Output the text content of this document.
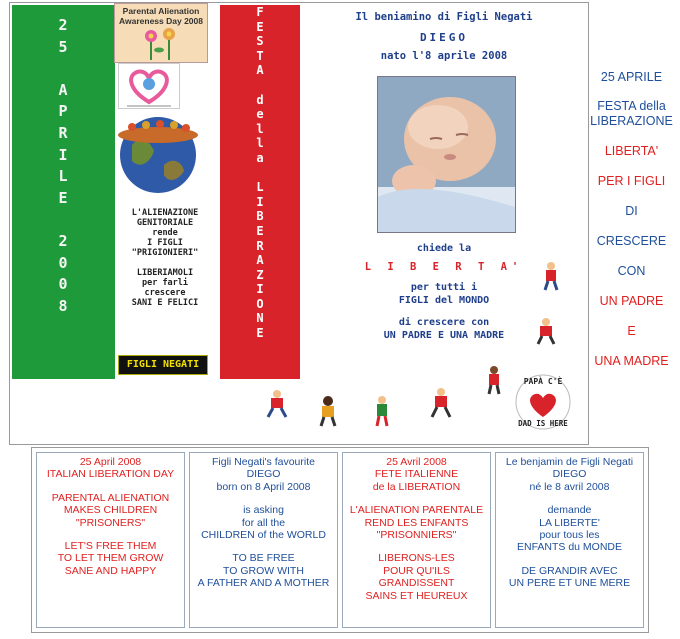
2
5

A
P
R
I
L
E

2
0
0
8
F
E
S
T
A

d
e
l
l
a

L
I
B
E
R
A
Z
I
O
N
E
Parental Alienation
Awareness Day 2008
L'ALIENAZIONE
GENITORIALE
rende
I FIGLI
"PRIGIONIERI"

LIBERIAMOLI
per farli
crescere
SANI E FELICI
FIGLI NEGATI
Il beniamino di Figli Negati
DIEGO
nato l'8 aprile 2008
chiede la
L I B E R T A'
per tutti i
FIGLI del MONDO
di crescere con
UN PADRE E UNA MADRE
PAPÀ C'È
DAD IS HERE
25 APRILE
FESTA della
LIBERAZIONE
LIBERTA'
PER I FIGLI
DI
CRESCERE
CON
UN PADRE
E
UNA MADRE

25 April 2008
ITALIAN LIBERATION DAY

PARENTAL ALIENATION
MAKES CHILDREN
"PRISONERS"

LET'S FREE THEM
TO LET THEM GROW
SANE AND HAPPY

Figli Negati's favourite
DIEGO
born on 8 April 2008

is asking
for all the
CHILDREN of the WORLD

TO BE FREE
TO GROW WITH
A FATHER AND A MOTHER

25 Avril 2008
FETE ITALIENNE
de la LIBERATION

L'ALIENATION PARENTALE
REND LES ENFANTS
"PRISONNIERS"

LIBERONS-LES
POUR QU'ILS GRANDISSENT
SAINS ET HEUREUX

Le benjamin de Figli Negati
DIEGO
né le 8 avril 2008

demande
LA LIBERTE'
pour tous les
ENFANTS du MONDE

DE GRANDIR AVEC
UN PERE ET UNE MERE
